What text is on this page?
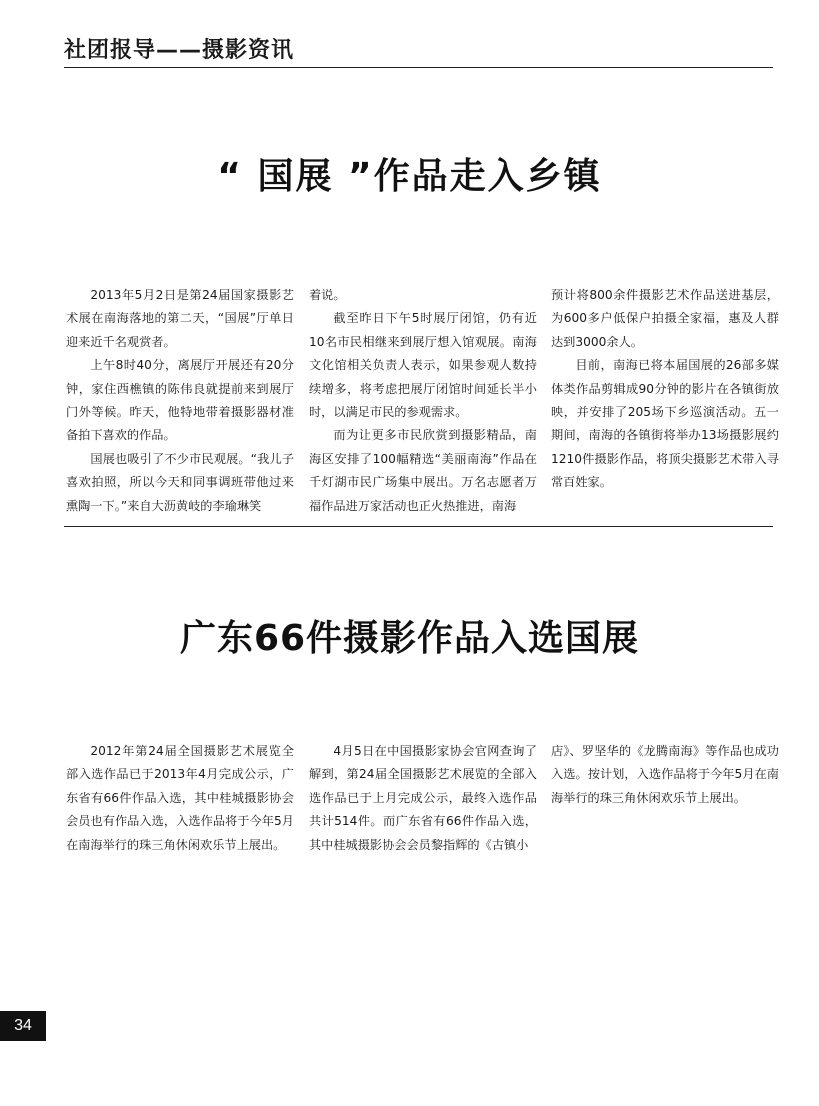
社团报导——摄影资讯
“ 国展 ”作品走入乡镇

2013年5月2日是第24届国家摄影艺术展在南海落地的第二天，“国展”厅单日迎来近千名观赏者。

上午8时40分，离展厅开展还有20分钟，家住西樵镇的陈伟良就提前来到展厅门外等候。昨天，他特地带着摄影器材准备拍下喜欢的作品。

国展也吸引了不少市民观展。“我儿子喜欢拍照，所以今天和同事调班带他过来熏陶一下。”来自大沥黄岐的李瑜琳笑

着说。

截至昨日下午5时展厅闭馆，仍有近10名市民相继来到展厅想入馆观展。南海文化馆相关负责人表示，如果参观人数持续增多，将考虑把展厅闭馆时间延长半小时，以满足市民的参观需求。

而为让更多市民欣赏到摄影精品，南海区安排了100幅精选“美丽南海”作品在千灯湖市民广场集中展出。万名志愿者万福作品进万家活动也正火热推进，南海

预计将800余件摄影艺术作品送进基层，为600多户低保户拍摄全家福，惠及人群达到3000余人。

目前，南海已将本届国展的26部多媒体类作品剪辑成90分钟的影片在各镇街放映，并安排了205场下乡巡演活动。五一期间，南海的各镇街将举办13场摄影展约1210件摄影作品，将顶尖摄影艺术带入寻常百姓家。

广东66件摄影作品入选国展

2012年第24届全国摄影艺术展览全部入选作品已于2013年4月完成公示，广东省有66件作品入选，其中桂城摄影协会会员也有作品入选，入选作品将于今年5月在南海举行的珠三角休闲欢乐节上展出。

4月5日在中国摄影家协会官网查询了解到，第24届全国摄影艺术展览的全部入选作品已于上月完成公示，最终入选作品共计514件。而广东省有66件作品入选，其中桂城摄影协会会员黎指辉的《古镇小

店》、罗坚华的《龙腾南海》等作品也成功入选。按计划，入选作品将于今年5月在南海举行的珠三角休闲欢乐节上展出。

34
